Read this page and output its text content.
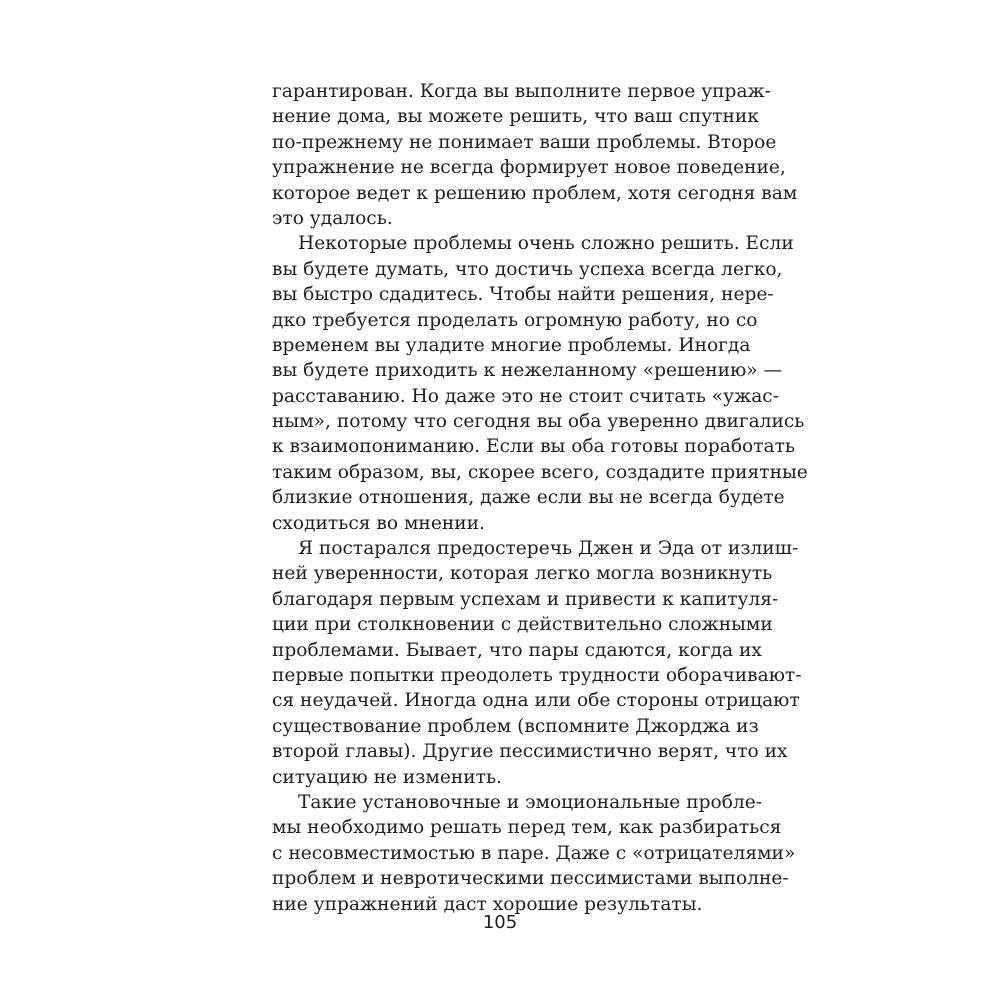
гарантирован. Когда вы выполните первое упраж-
нение дома, вы можете решить, что ваш спутник
по-прежнему не понимает ваши проблемы. Второе
упражнение не всегда формирует новое поведение,
которое ведет к решению проблем, хотя сегодня вам
это удалось.
Некоторые проблемы очень сложно решить. Если
вы будете думать, что достичь успеха всегда легко,
вы быстро сдадитесь. Чтобы найти решения, нере-
дко требуется проделать огромную работу, но со
временем вы уладите многие проблемы. Иногда
вы будете приходить к нежеланному «решению» —
расставанию. Но даже это не стоит считать «ужас-
ным», потому что сегодня вы оба уверенно двигались
к взаимопониманию. Если вы оба готовы поработать
таким образом, вы, скорее всего, создадите приятные
близкие отношения, даже если вы не всегда будете
сходиться во мнении.
Я постарался предостеречь Джен и Эда от излиш-
ней уверенности, которая легко могла возникнуть
благодаря первым успехам и привести к капитуля-
ции при столкновении с действительно сложными
проблемами. Бывает, что пары сдаются, когда их
первые попытки преодолеть трудности оборачивают-
ся неудачей. Иногда одна или обе стороны отрицают
существование проблем (вспомните Джорджа из
второй главы). Другие пессимистично верят, что их
ситуацию не изменить.
Такие установочные и эмоциональные пробле-
мы необходимо решать перед тем, как разбираться
с несовместимостью в паре. Даже с «отрицателями»
проблем и невротическими пессимистами выполне-
ние упражнений даст хорошие результаты.
105
